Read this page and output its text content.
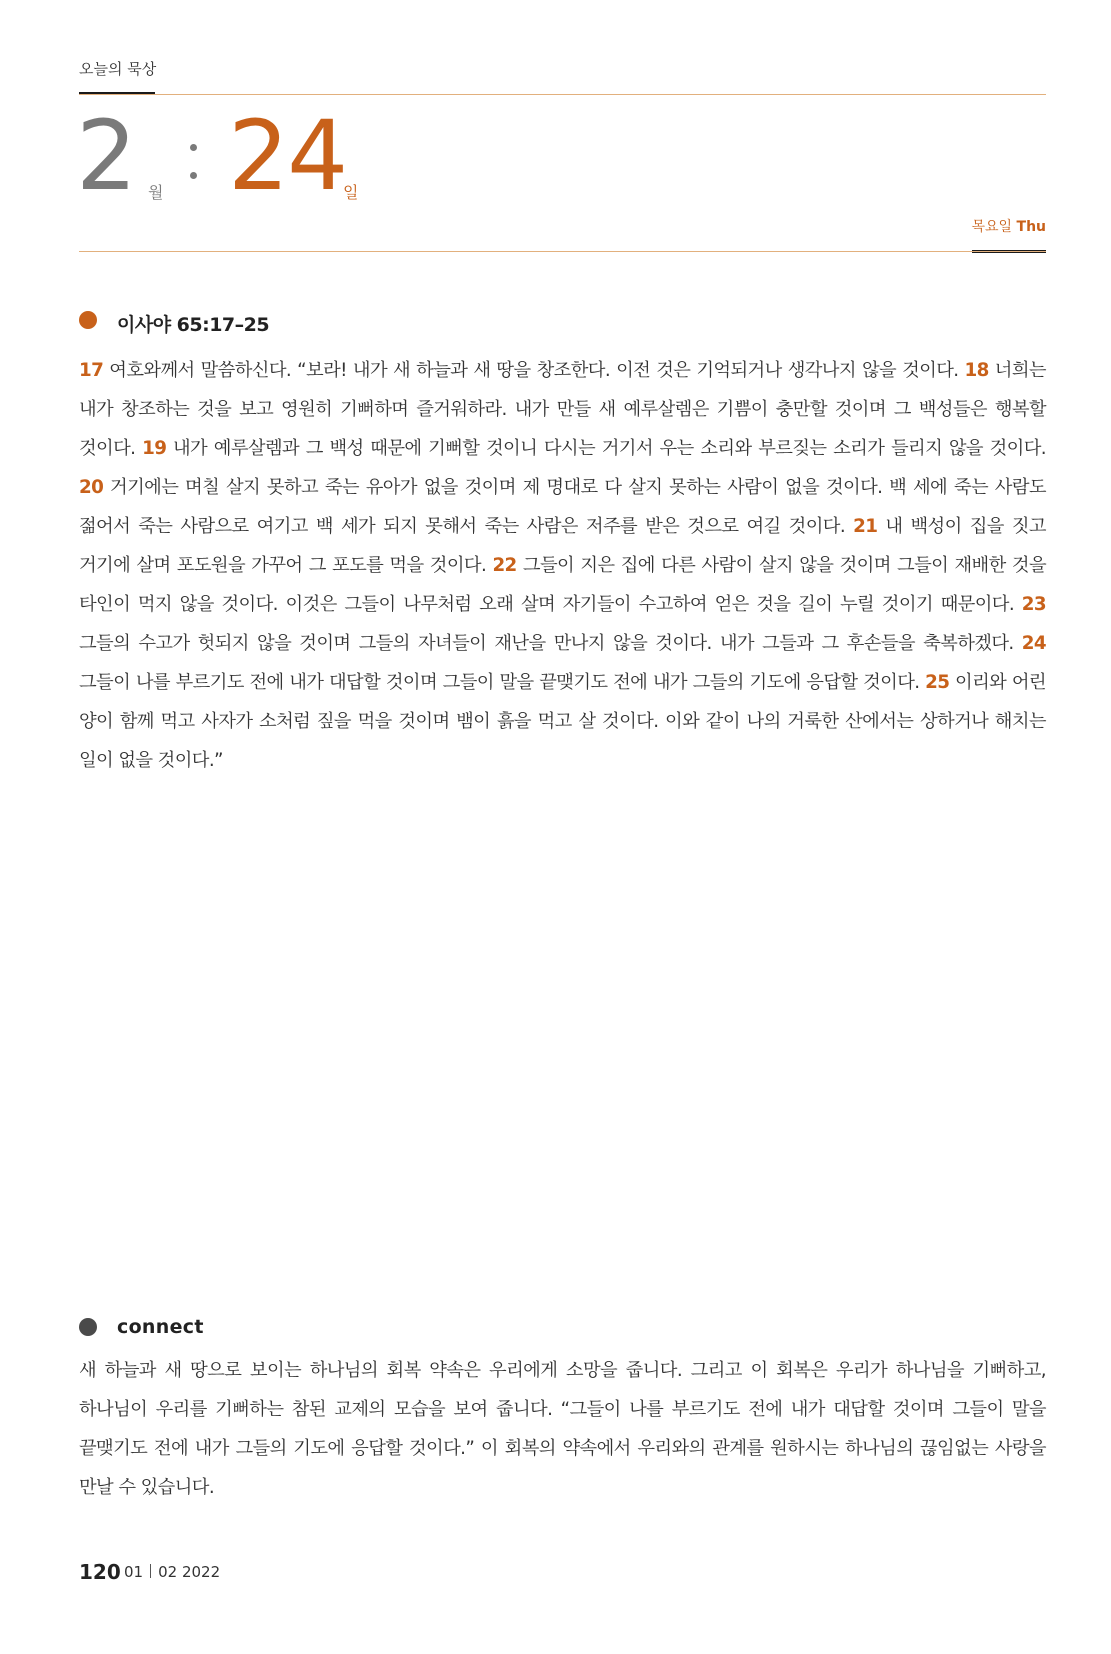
오늘의 묵상
2 월 24
일
목요일 Thu
이사야 65:17–25
17 여호와께서 말씀하신다. “보라! 내가 새 하늘과 새 땅을 창조한다. 이전 것은 기억되거나 생각나지 않을 것이다. 18 너희는 내가 창조하는 것을 보고 영원히 기뻐하며 즐거워하라. 내가 만들 새 예루살렘은 기쁨이 충만할 것이며 그 백성들은 행복할 것이다. 19 내가 예루살렘과 그 백성 때문에 기뻐할 것이니 다시는 거기서 우는 소리와 부르짖는 소리가 들리지 않을 것이다. 20 거기에는 며칠 살지 못하고 죽는 유아가 없을 것이며 제 명대로 다 살지 못하는 사람이 없을 것이다. 백 세에 죽는 사람도 젊어서 죽는 사람으로 여기고 백 세가 되지 못해서 죽는 사람은 저주를 받은 것으로 여길 것이다. 21 내 백성이 집을 짓고 거기에 살며 포도원을 가꾸어 그 포도를 먹을 것이다. 22 그들이 지은 집에 다른 사람이 살지 않을 것이며 그들이 재배한 것을 타인이 먹지 않을 것이다. 이것은 그들이 나무처럼 오래 살며 자기들이 수고하여 얻은 것을 길이 누릴 것이기 때문이다. 23 그들의 수고가 헛되지 않을 것이며 그들의 자녀들이 재난을 만나지 않을 것이다. 내가 그들과 그 후손들을 축복하겠다. 24 그들이 나를 부르기도 전에 내가 대답할 것이며 그들이 말을 끝맺기도 전에 내가 그들의 기도에 응답할 것이다. 25 이리와 어린 양이 함께 먹고 사자가 소처럼 짚을 먹을 것이며 뱀이 흙을 먹고 살 것이다. 이와 같이 나의 거룩한 산에서는 상하거나 해치는 일이 없을 것이다.”
connect
새 하늘과 새 땅으로 보이는 하나님의 회복 약속은 우리에게 소망을 줍니다. 그리고 이 회복은 우리가 하나님을 기뻐하고, 하나님이 우리를 기뻐하는 참된 교제의 모습을 보여 줍니다. “그들이 나를 부르기도 전에 내가 대답할 것이며 그들이 말을 끝맺기도 전에 내가 그들의 기도에 응답할 것이다.” 이 회복의 약속에서 우리와의 관계를 원하시는 하나님의 끊임없는 사랑을 만날 수 있습니다.
120 01 02 2022
